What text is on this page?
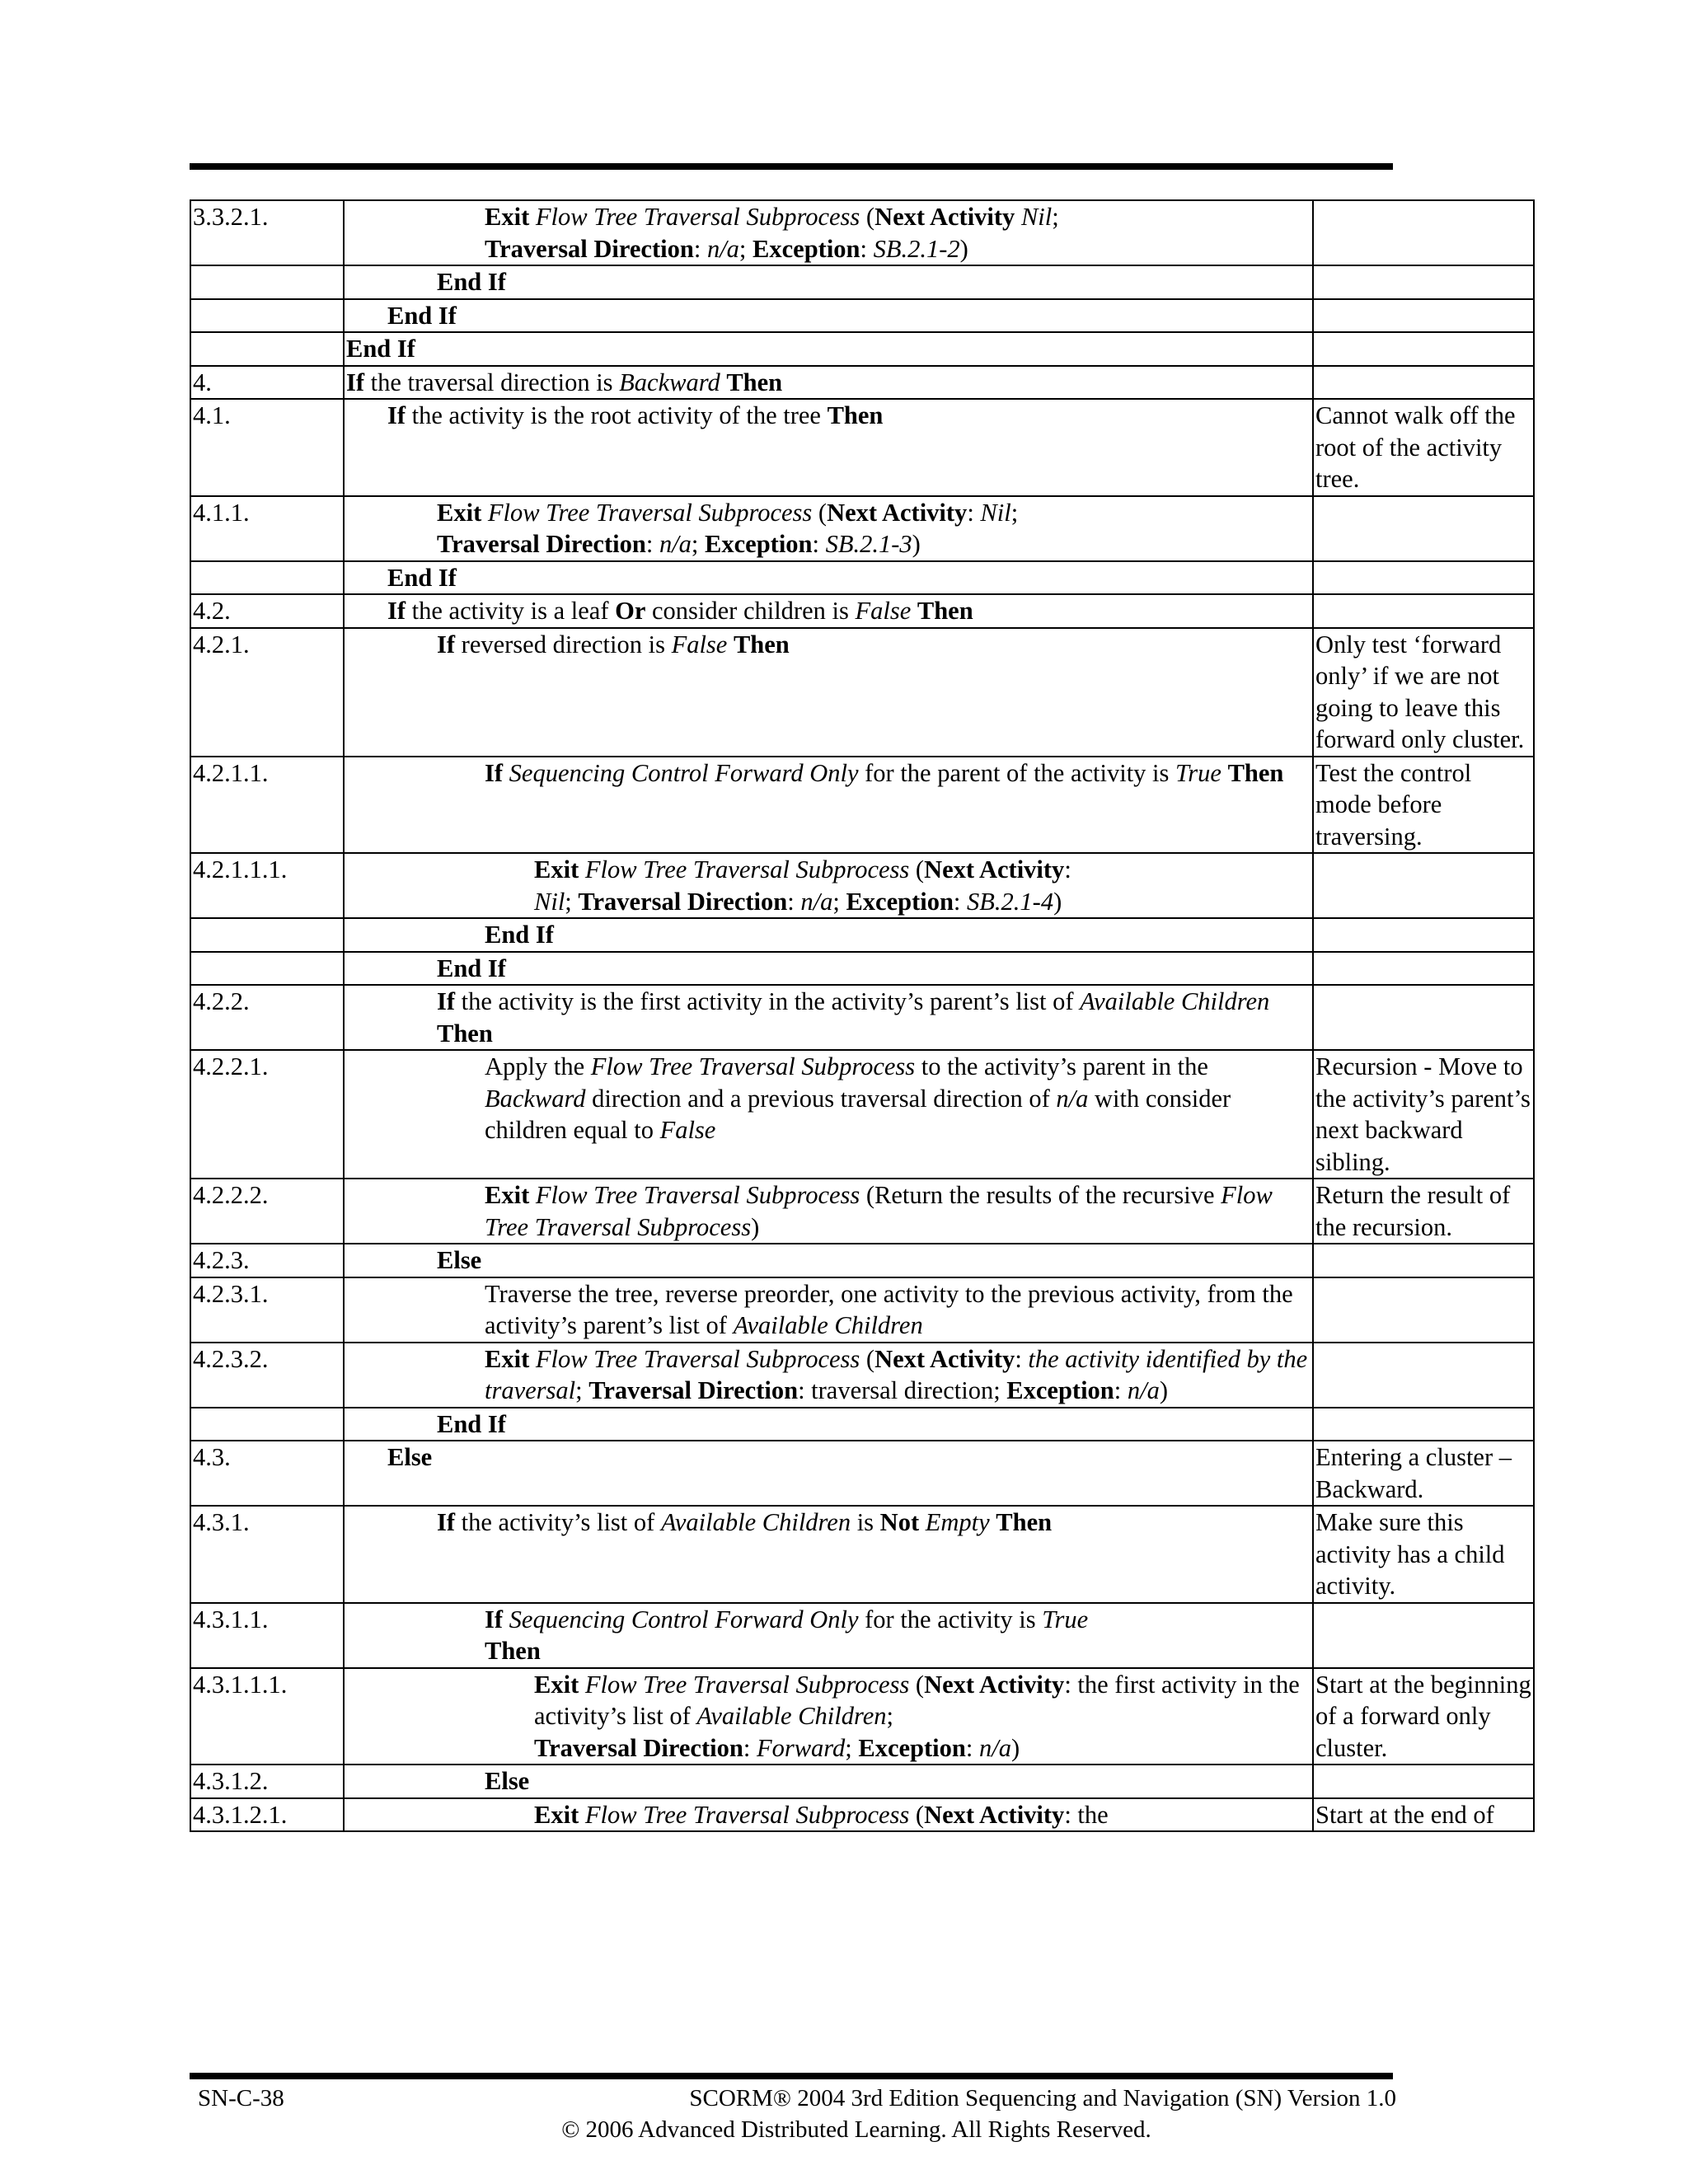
3.3.2.1.	Exit Flow Tree Traversal Subprocess (Next Activity Nil;
Traversal Direction: n/a; Exception: SB.2.1-2)	
	End If	
	End If	
	End If	
4.	If the traversal direction is Backward Then	
4.1.	If the activity is the root activity of the tree Then	Cannot walk off the root of the activity tree.
4.1.1.	Exit Flow Tree Traversal Subprocess (Next Activity: Nil;
Traversal Direction: n/a; Exception: SB.2.1-3)	
	End If	
4.2.	If the activity is a leaf Or consider children is False Then	
4.2.1.	If reversed direction is False Then	Only test ‘forward only’ if we are not going to leave this forward only cluster.
4.2.1.1.	If Sequencing Control Forward Only for the parent of the activity is True Then	Test the control mode before traversing.
4.2.1.1.1.	Exit Flow Tree Traversal Subprocess (Next Activity:
Nil; Traversal Direction: n/a; Exception: SB.2.1-4)	
	End If	
	End If	
4.2.2.	If the activity is the first activity in the activity’s parent’s list of Available Children Then	
4.2.2.1.	Apply the Flow Tree Traversal Subprocess to the activity’s parent in the Backward direction and a previous traversal direction of n/a with consider children equal to False	Recursion - Move to the activity’s parent’s next backward sibling.
4.2.2.2.	Exit Flow Tree Traversal Subprocess (Return the results of the recursive Flow Tree Traversal Subprocess)	Return the result of the recursion.
4.2.3.	Else	
4.2.3.1.	Traverse the tree, reverse preorder, one activity to the previous activity, from the activity’s parent’s list of Available Children	
4.2.3.2.	Exit Flow Tree Traversal Subprocess (Next Activity: the activity identified by the traversal; Traversal Direction: traversal direction; Exception: n/a)	
	End If	
4.3.	Else	Entering a cluster – Backward.
4.3.1.	If the activity’s list of Available Children is Not Empty Then	Make sure this activity has a child activity.
4.3.1.1.	If Sequencing Control Forward Only for the activity is True
Then	
4.3.1.1.1.	Exit Flow Tree Traversal Subprocess (Next Activity: the first activity in the activity’s list of Available Children;
Traversal Direction: Forward; Exception: n/a)	Start at the beginning of a forward only cluster.
4.3.1.2.	Else	
4.3.1.2.1.	Exit Flow Tree Traversal Subprocess (Next Activity: the	Start at the end of
SN-C-38	SCORM® 2004 3rd Edition Sequencing and Navigation (SN) Version 1.0
© 2006 Advanced Distributed Learning. All Rights Reserved.
